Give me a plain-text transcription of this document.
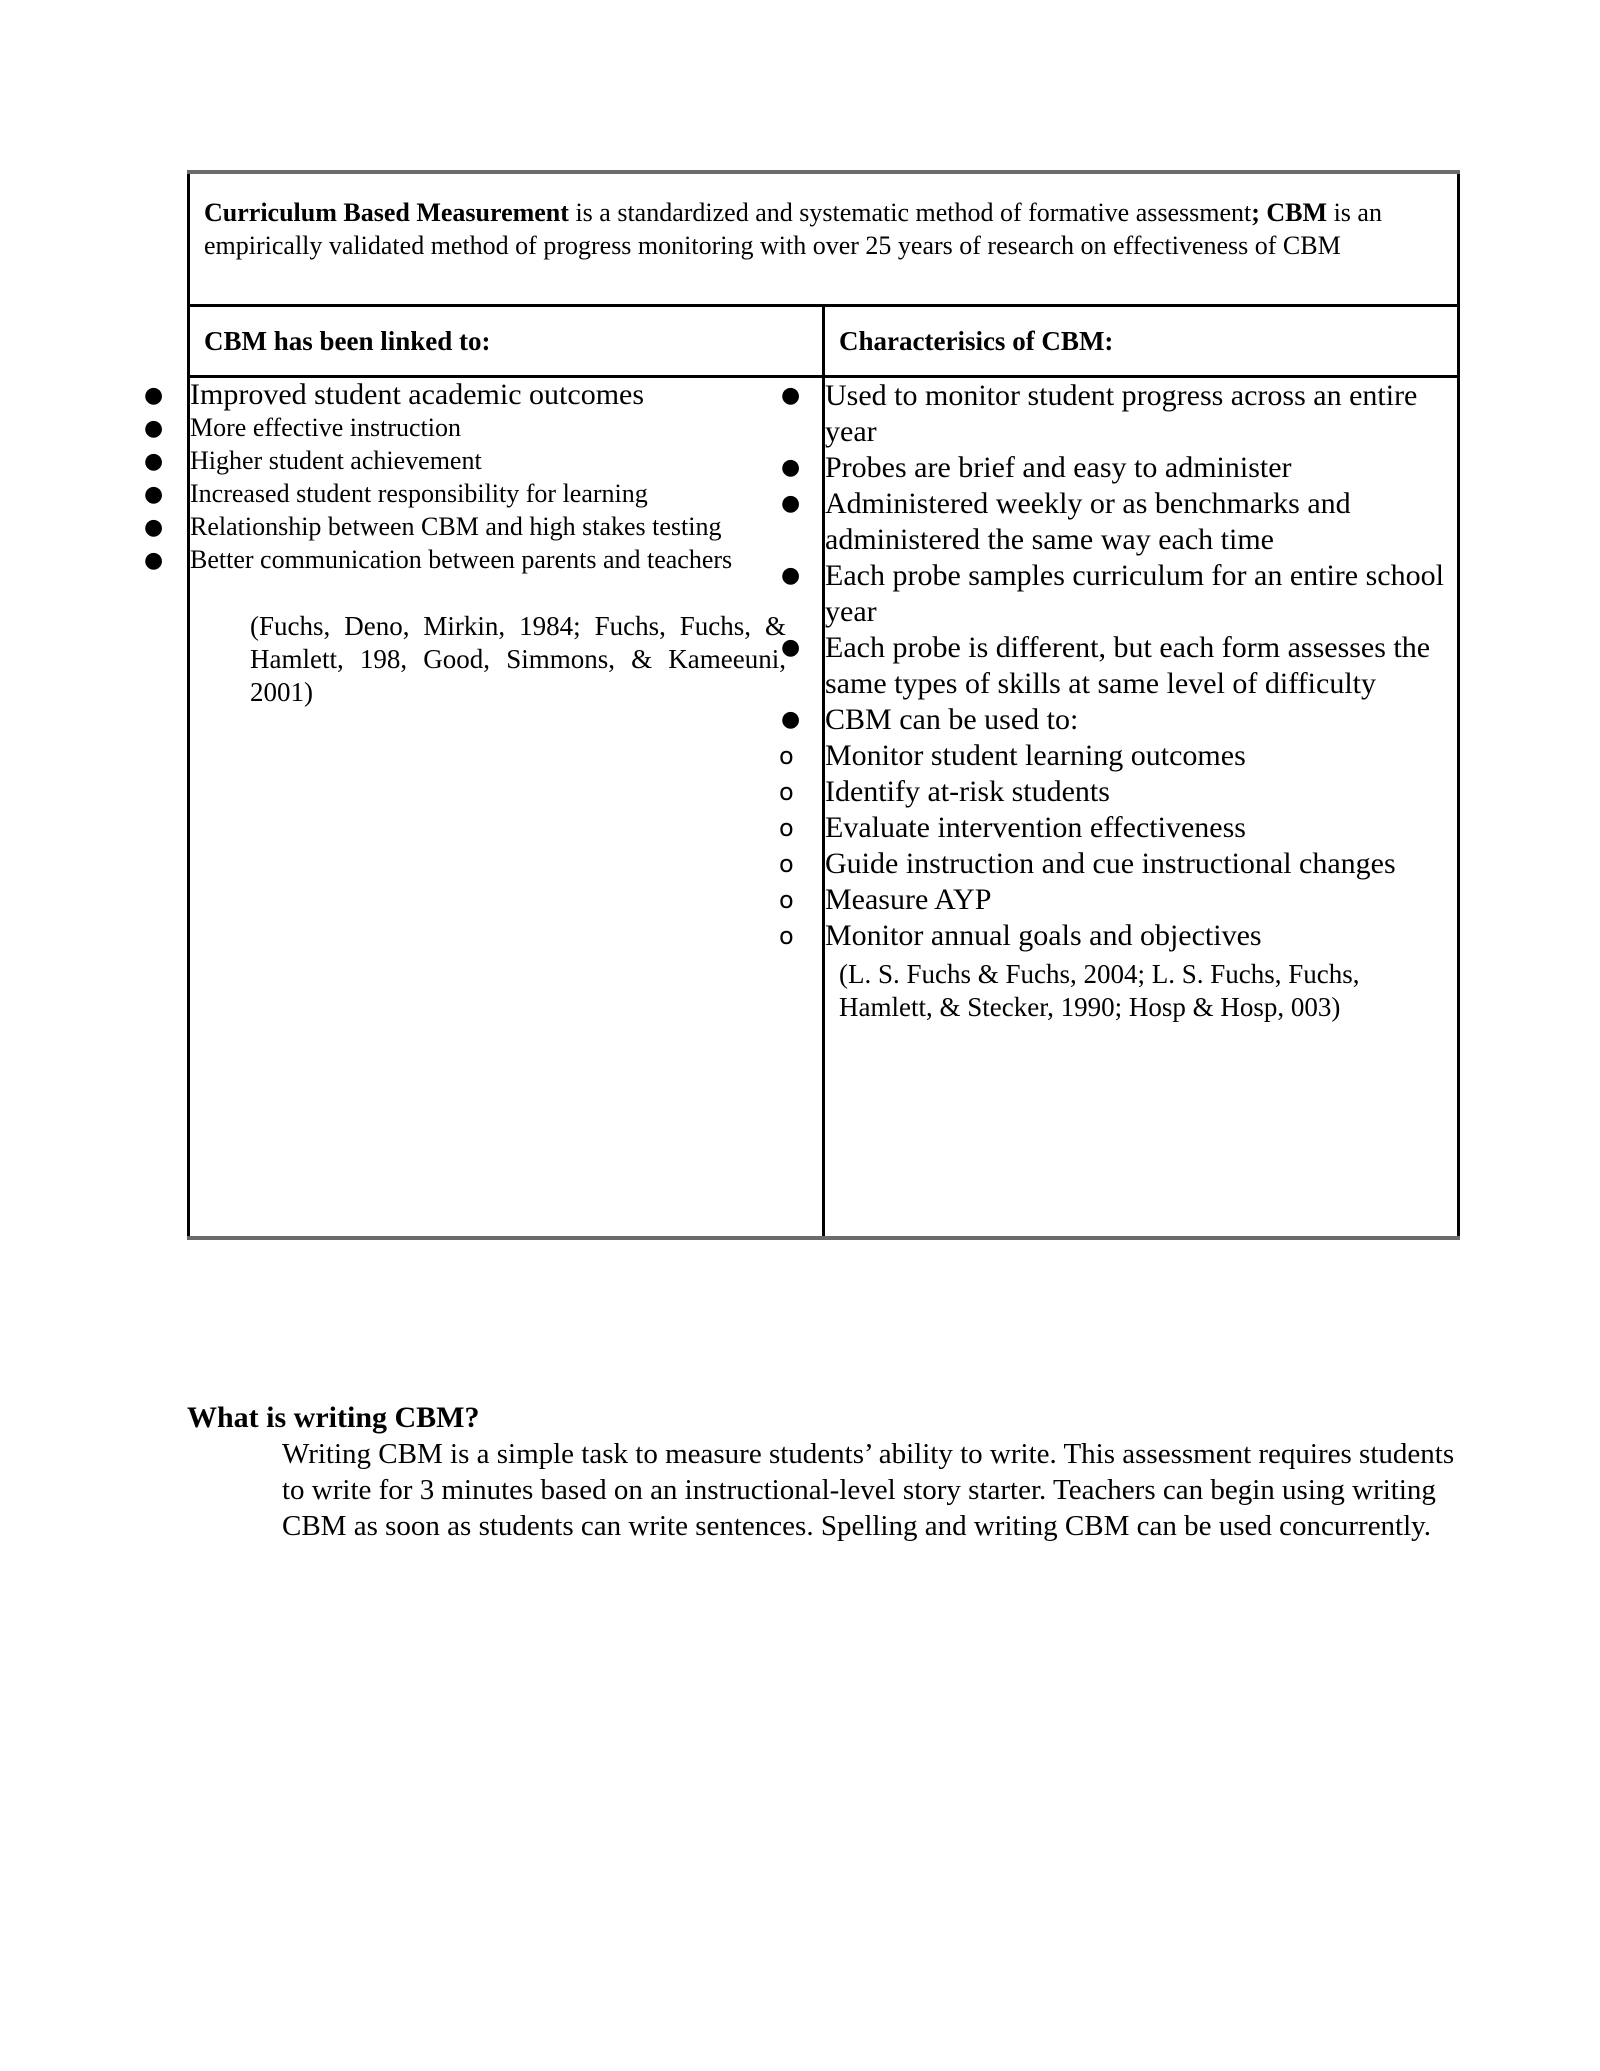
Curriculum Based Measurement is a standardized and systematic method of formative assessment; CBM is an empirically validated method of progress monitoring with over 25 years of research on effectiveness of CBM	

CBM has been linked to:	Characterisics of CBM:

● Improved student academic outcomes
● More effective instruction
● Higher student achievement
● Increased student responsibility for learning
● Relationship between CBM and high stakes testing
● Better communication between parents and teachers
(Fuchs, Deno, Mirkin, 1984; Fuchs, Fuchs, & Hamlett, 198, Good, Simmons, & Kameeuni, 2001)

● Used to monitor student progress across an entire year
● Probes are brief and easy to administer
● Administered weekly or as benchmarks and administered the same way each time
● Each probe samples curriculum for an entire school year
● Each probe is different, but each form assesses the same types of skills at same level of difficulty
● CBM can be used to:
o Monitor student learning outcomes
o Identify at-risk students
o Evaluate intervention effectiveness
o Guide instruction and cue instructional changes
o Measure AYP
o Monitor annual goals and objectives
(L. S. Fuchs & Fuchs, 2004; L. S. Fuchs, Fuchs, Hamlett, & Stecker, 1990; Hosp & Hosp, 003)
What is writing CBM?
Writing CBM is a simple task to measure students’ ability to write. This assessment requires students to write for 3 minutes based on an instructional-level story starter. Teachers can begin using writing CBM as soon as students can write sentences. Spelling and writing CBM can be used concurrently.
